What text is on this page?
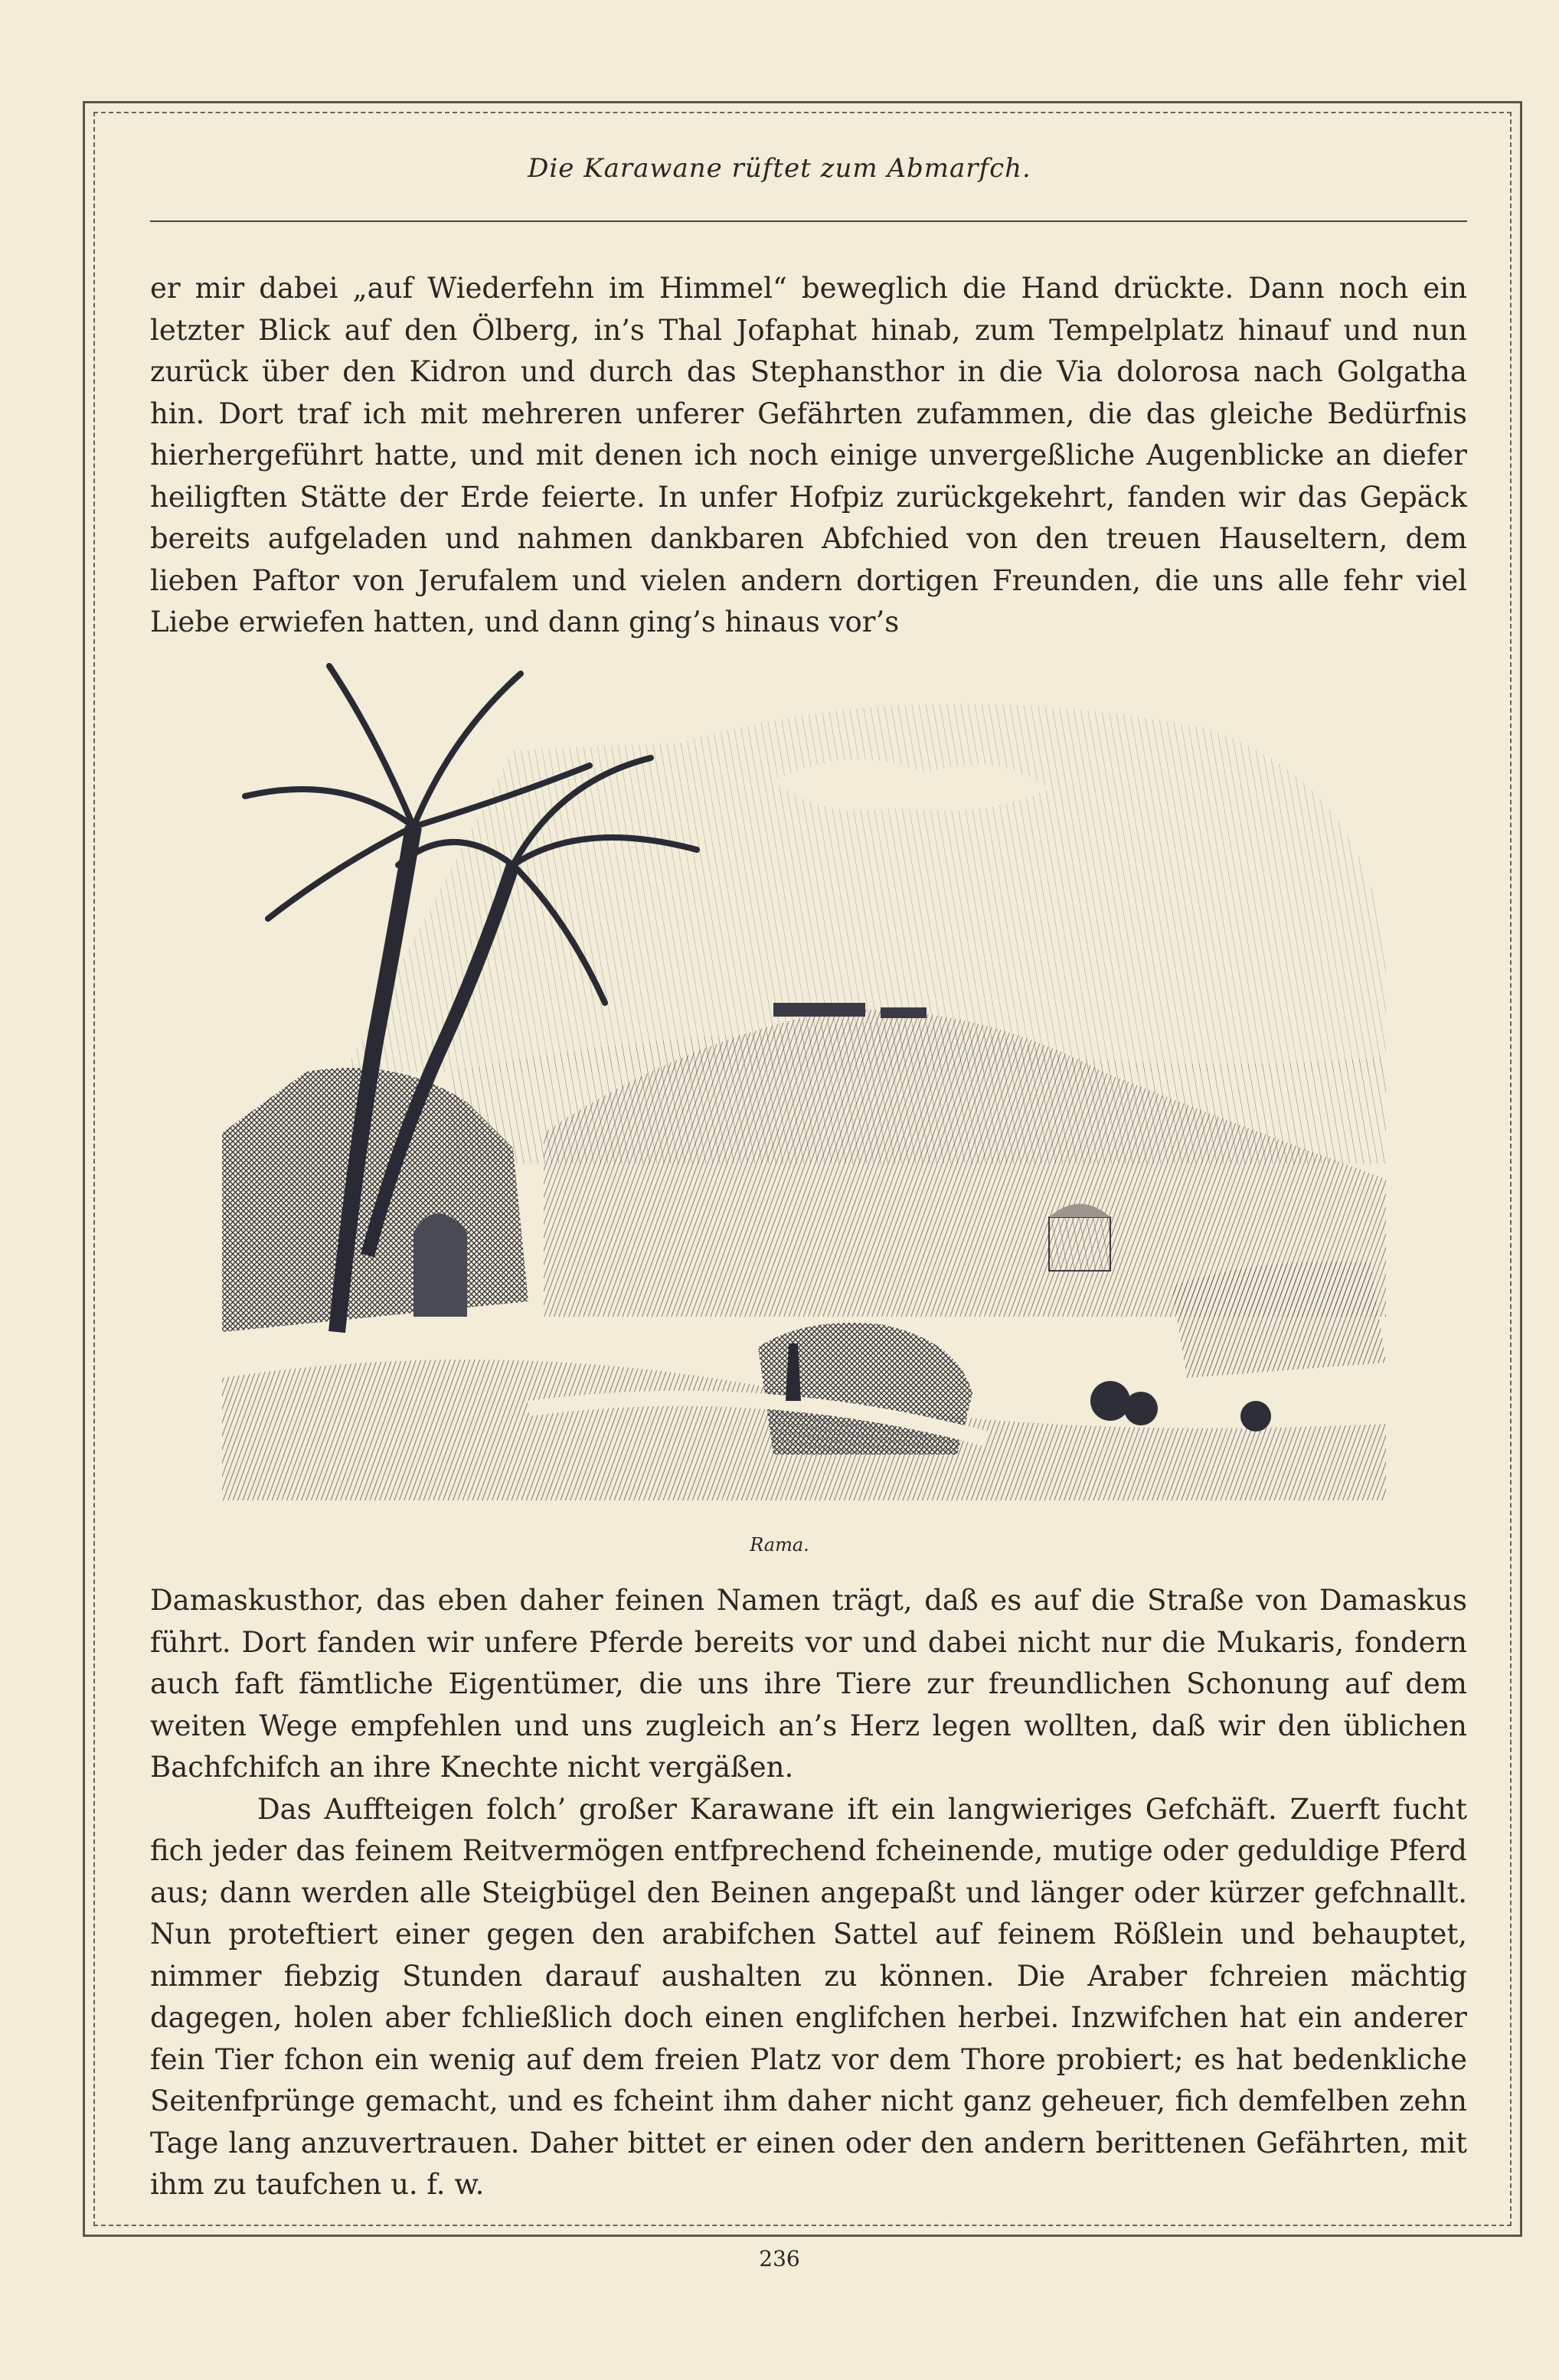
Die Karawane rüftet zum Abmarfch.

er mir dabei „auf Wiederfehn im Himmel“ beweglich die Hand drückte. Dann noch ein letzter Blick auf den Ölberg, in’s Thal Jofaphat hinab, zum Tempelplatz hinauf und nun zurück über den Kidron und durch das Stephansthor in die Via dolorosa nach Golgatha hin. Dort traf ich mit mehreren unferer Gefährten zufammen, die das gleiche Bedürfnis hierhergeführt hatte, und mit denen ich noch einige unvergeßliche Augenblicke an diefer heiligften Stätte der Erde feierte. In unfer Hofpiz zurückgekehrt, fanden wir das Gepäck bereits aufgeladen und nahmen dankbaren Abfchied von den treuen Hauseltern, dem lieben Paftor von Jerufalem und vielen andern dortigen Freunden, die uns alle fehr viel Liebe erwiefen hatten, und dann ging’s hinaus vor’s

Rama.

Damaskusthor, das eben daher feinen Namen trägt, daß es auf die Straße von Damaskus führt. Dort fanden wir unfere Pferde bereits vor und dabei nicht nur die Mukaris, fondern auch faft fämtliche Eigentümer, die uns ihre Tiere zur freundlichen Schonung auf dem weiten Wege empfehlen und uns zugleich an’s Herz legen wollten, daß wir den üblichen Bachfchifch an ihre Knechte nicht vergäßen.

Das Auffteigen folch’ großer Karawane ift ein langwieriges Gefchäft. Zuerft fucht fich jeder das feinem Reitvermögen entfprechend fcheinende, mutige oder geduldige Pferd aus; dann werden alle Steigbügel den Beinen angepaßt und länger oder kürzer gefchnallt. Nun proteftiert einer gegen den arabifchen Sattel auf feinem Rößlein und behauptet, nimmer fiebzig Stunden darauf aushalten zu können. Die Araber fchreien mächtig dagegen, holen aber fchließlich doch einen englifchen herbei. Inzwifchen hat ein anderer fein Tier fchon ein wenig auf dem freien Platz vor dem Thore probiert; es hat bedenkliche Seitenfprünge gemacht, und es fcheint ihm daher nicht ganz geheuer, fich demfelben zehn Tage lang anzuvertrauen. Daher bittet er einen oder den andern berittenen Gefährten, mit ihm zu taufchen u. f. w.

236
